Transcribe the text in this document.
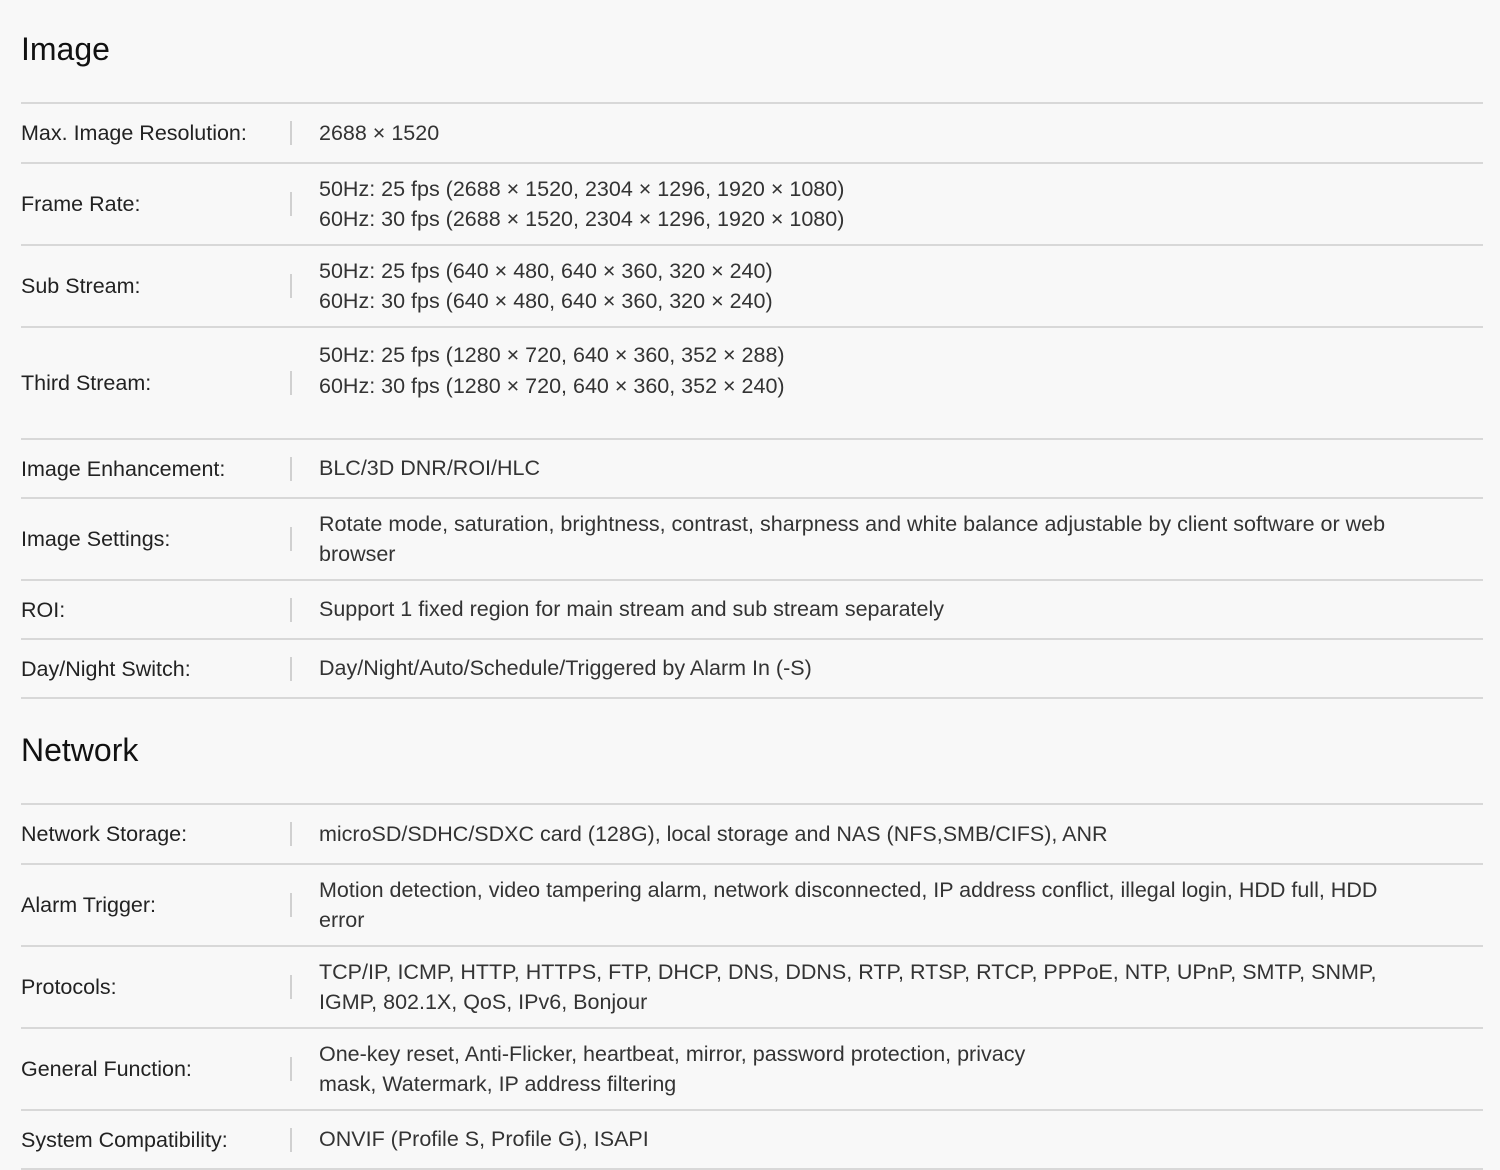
Image
Max. Image Resolution:	2688 × 1520
Frame Rate:
50Hz: 25 fps (2688 × 1520, 2304 × 1296, 1920 × 1080)
60Hz: 30 fps (2688 × 1520, 2304 × 1296, 1920 × 1080)
Sub Stream:
50Hz: 25 fps (640 × 480, 640 × 360, 320 × 240)
60Hz: 30 fps (640 × 480, 640 × 360, 320 × 240)
Third Stream:
50Hz: 25 fps (1280 × 720, 640 × 360, 352 × 288)
60Hz: 30 fps (1280 × 720, 640 × 360, 352 × 240)
Image Enhancement:	BLC/3D DNR/ROI/HLC
Image Settings:
Rotate mode, saturation, brightness, contrast, sharpness and white balance adjustable by client software or web
browser
ROI:	Support 1 fixed region for main stream and sub stream separately
Day/Night Switch:	Day/Night/Auto/Schedule/Triggered by Alarm In (-S)
Network
Network Storage:	microSD/SDHC/SDXC card (128G), local storage and NAS (NFS,SMB/CIFS), ANR
Alarm Trigger:
Motion detection, video tampering alarm, network disconnected, IP address conflict, illegal login, HDD full, HDD
error
Protocols:
TCP/IP, ICMP, HTTP, HTTPS, FTP, DHCP, DNS, DDNS, RTP, RTSP, RTCP, PPPoE, NTP, UPnP, SMTP, SNMP,
IGMP, 802.1X, QoS, IPv6, Bonjour
General Function:
One-key reset, Anti-Flicker, heartbeat, mirror, password protection, privacy
mask, Watermark, IP address filtering
System Compatibility:	ONVIF (Profile S, Profile G), ISAPI
